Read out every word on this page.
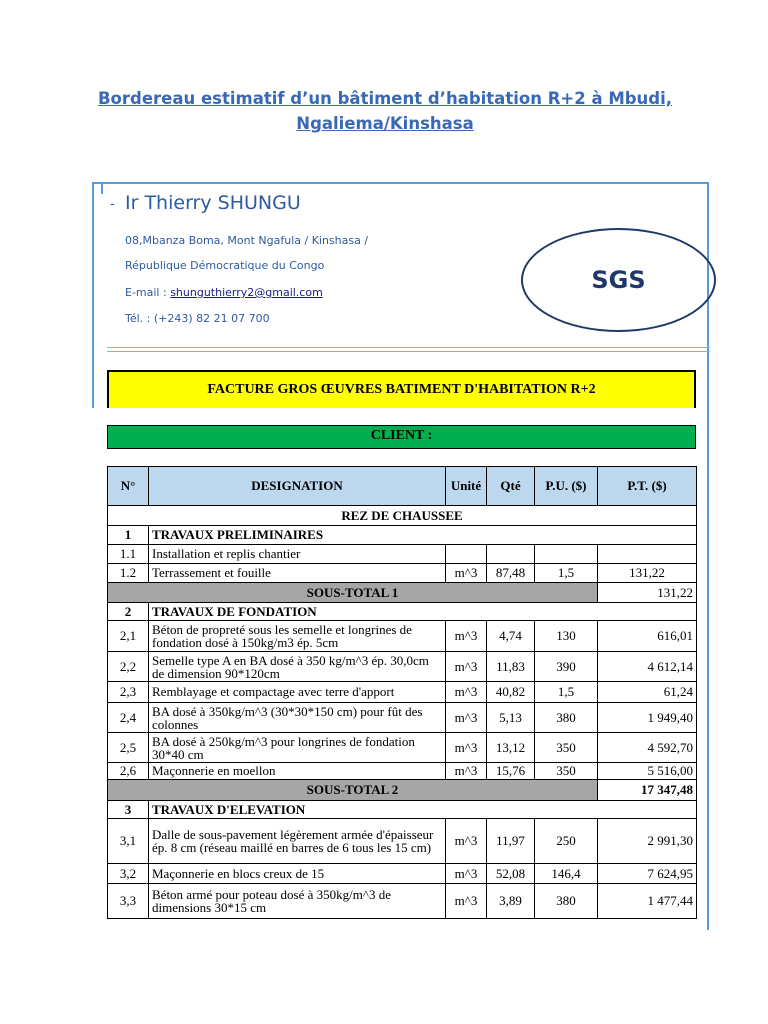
Bordereau estimatif d’un bâtiment d’habitation R+2 à Mbudi, Ngaliema/Kinshasa
- Ir Thierry SHUNGU
08,Mbanza Boma, Mont Ngafula / Kinshasa /
République Démocratique du Congo
E-mail : shunguthierry2@gmail.com
Tél. : (+243) 82 21 07 700
SGS
FACTURE GROS ŒUVRES BATIMENT D'HABITATION R+2
CLIENT :
N°	DESIGNATION	Unité	Qté	P.U. ($)	P.T. ($)
REZ DE CHAUSSEE					
1	TRAVAUX PRELIMINAIRES				
1.1	Installation et replis chantier				
1.2	Terrassement et fouille	m^3	87,48	1,5	131,22
SOUS-TOTAL 1					131,22
2	TRAVAUX DE FONDATION				
2,1	Béton de propreté sous les semelle et longrines de fondation dosé à 150kg/m3 ép. 5cm	m^3	4,74	130	616,01
2,2	Semelle type A en BA dosé à 350 kg/m^3 ép. 30,0cm de dimension 90*120cm	m^3	11,83	390	4 612,14
2,3	Remblayage et compactage avec terre d'apport	m^3	40,82	1,5	61,24
2,4	BA dosé à 350kg/m^3 (30*30*150 cm) pour fût des colonnes	m^3	5,13	380	1 949,40
2,5	BA dosé à 250kg/m^3 pour longrines de fondation 30*40 cm	m^3	13,12	350	4 592,70
2,6	Maçonnerie en moellon	m^3	15,76	350	5 516,00
SOUS-TOTAL 2					17 347,48
3	TRAVAUX D'ELEVATION				
3,1	Dalle de sous-pavement légèrement armée d'épaisseur ép. 8 cm (réseau maillé en barres de 6 tous les 15 cm)	m^3	11,97	250	2 991,30
3,2	Maçonnerie en blocs creux de 15	m^3	52,08	146,4	7 624,95
3,3	Béton armé pour poteau dosé à 350kg/m^3 de dimensions 30*15 cm	m^3	3,89	380	1 477,44
